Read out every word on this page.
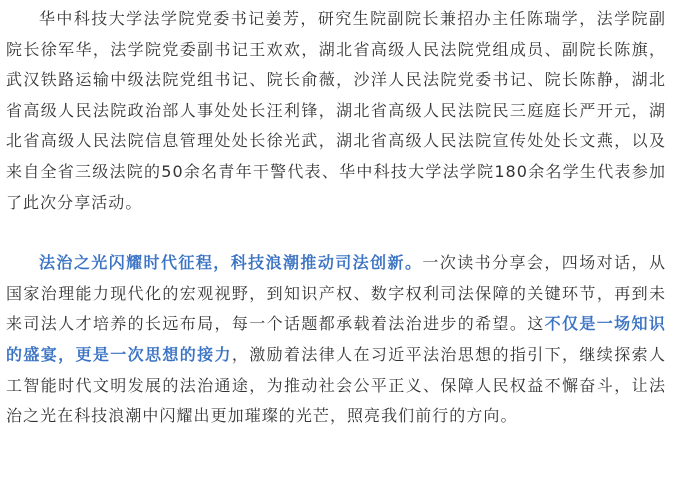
华中科技大学法学院党委书记姜芳，研究生院副院长兼招办主任陈瑞学，法学院副院长徐军华，法学院党委副书记王欢欢，湖北省高级人民法院党组成员、副院长陈旗，武汉铁路运输中级法院党组书记、院长俞薇，沙洋人民法院党委书记、院长陈静，湖北省高级人民法院政治部人事处处长汪利锋，湖北省高级人民法院民三庭庭长严开元，湖北省高级人民法院信息管理处处长徐光武，湖北省高级人民法院宣传处处长文燕，以及来自全省三级法院的50余名青年干警代表、华中科技大学法学院180余名学生代表参加了此次分享活动。

法治之光闪耀时代征程，科技浪潮推动司法创新。一次读书分享会，四场对话，从国家治理能力现代化的宏观视野，到知识产权、数字权利司法保障的关键环节，再到未来司法人才培养的长远布局，每一个话题都承载着法治进步的希望。这不仅是一场知识的盛宴，更是一次思想的接力，激励着法律人在习近平法治思想的指引下，继续探索人工智能时代文明发展的法治通途，为推动社会公平正义、保障人民权益不懈奋斗，让法治之光在科技浪潮中闪耀出更加璀璨的光芒，照亮我们前行的方向。
